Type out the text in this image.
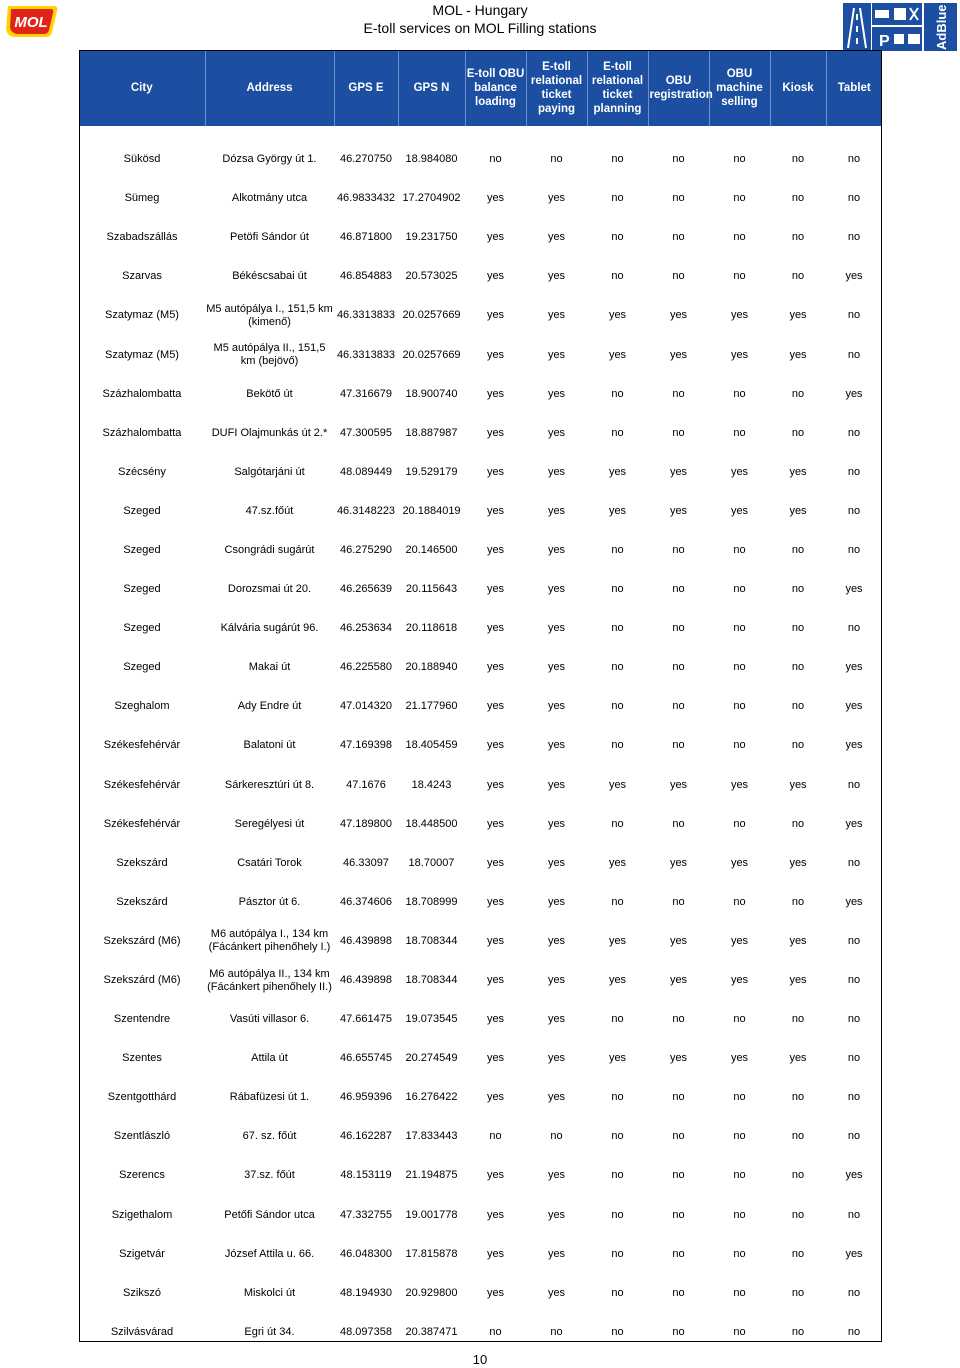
MOL
MOL - Hungary
E-toll services on MOL Filling stations
P	AdBlue
City	Address	GPS E	GPS N	E-toll OBU balance loading	E-toll relational ticket paying	E-toll relational ticket planning	OBU registration	OBU machine selling	Kiosk	Tablet
Sükösd	Dózsa György út 1.	46.270750	18.984080	no	no	no	no	no	no	no
Sümeg	Alkotmány utca	46.9833432	17.2704902	yes	yes	no	no	no	no	no
Szabadszállás	Petöfi Sándor út	46.871800	19.231750	yes	yes	no	no	no	no	no
Szarvas	Békéscsabai út	46.854883	20.573025	yes	yes	no	no	no	no	yes
Szatymaz (M5)	M5 autópálya I., 151,5 km (kimenő)	46.3313833	20.0257669	yes	yes	yes	yes	yes	yes	no
Szatymaz (M5)	M5 autópálya II., 151,5 km (bejövő)	46.3313833	20.0257669	yes	yes	yes	yes	yes	yes	no
Százhalombatta	Bekötő út	47.316679	18.900740	yes	yes	no	no	no	no	yes
Százhalombatta	DUFI Olajmunkás út 2.*	47.300595	18.887987	yes	yes	no	no	no	no	no
Szécsény	Salgótarjáni út	48.089449	19.529179	yes	yes	yes	yes	yes	yes	no
Szeged	47.sz.főút	46.3148223	20.1884019	yes	yes	yes	yes	yes	yes	no
Szeged	Csongrádi sugárút	46.275290	20.146500	yes	yes	no	no	no	no	no
Szeged	Dorozsmai út 20.	46.265639	20.115643	yes	yes	no	no	no	no	yes
Szeged	Kálvária sugárút 96.	46.253634	20.118618	yes	yes	no	no	no	no	no
Szeged	Makai út	46.225580	20.188940	yes	yes	no	no	no	no	yes
Szeghalom	Ady Endre út	47.014320	21.177960	yes	yes	no	no	no	no	yes
Székesfehérvár	Balatoni út	47.169398	18.405459	yes	yes	no	no	no	no	yes
Székesfehérvár	Sárkeresztúri út 8.	47.1676	18.4243	yes	yes	yes	yes	yes	yes	no
Székesfehérvár	Seregélyesi út	47.189800	18.448500	yes	yes	no	no	no	no	yes
Szekszárd	Csatári Torok	46.33097	18.70007	yes	yes	yes	yes	yes	yes	no
Szekszárd	Pásztor út 6.	46.374606	18.708999	yes	yes	no	no	no	no	yes
Szekszárd (M6)	M6 autópálya I., 134 km (Fácánkert pihenőhely I.)	46.439898	18.708344	yes	yes	yes	yes	yes	yes	no
Szekszárd (M6)	M6 autópálya II., 134 km (Fácánkert pihenőhely II.)	46.439898	18.708344	yes	yes	yes	yes	yes	yes	no
Szentendre	Vasúti villasor 6.	47.661475	19.073545	yes	yes	no	no	no	no	no
Szentes	Attila út	46.655745	20.274549	yes	yes	yes	yes	yes	yes	no
Szentgotthárd	Rábafüzesi út 1.	46.959396	16.276422	yes	yes	no	no	no	no	no
Szentlászló	67. sz. főút	46.162287	17.833443	no	no	no	no	no	no	no
Szerencs	37.sz. főút	48.153119	21.194875	yes	yes	no	no	no	no	yes
Szigethalom	Petőfi Sándor utca	47.332755	19.001778	yes	yes	no	no	no	no	no
Szigetvár	József Attila u. 66.	46.048300	17.815878	yes	yes	no	no	no	no	yes
Szikszó	Miskolci út	48.194930	20.929800	yes	yes	no	no	no	no	no
Szilvásvárad	Egri út 34.	48.097358	20.387471	no	no	no	no	no	no	no
10
